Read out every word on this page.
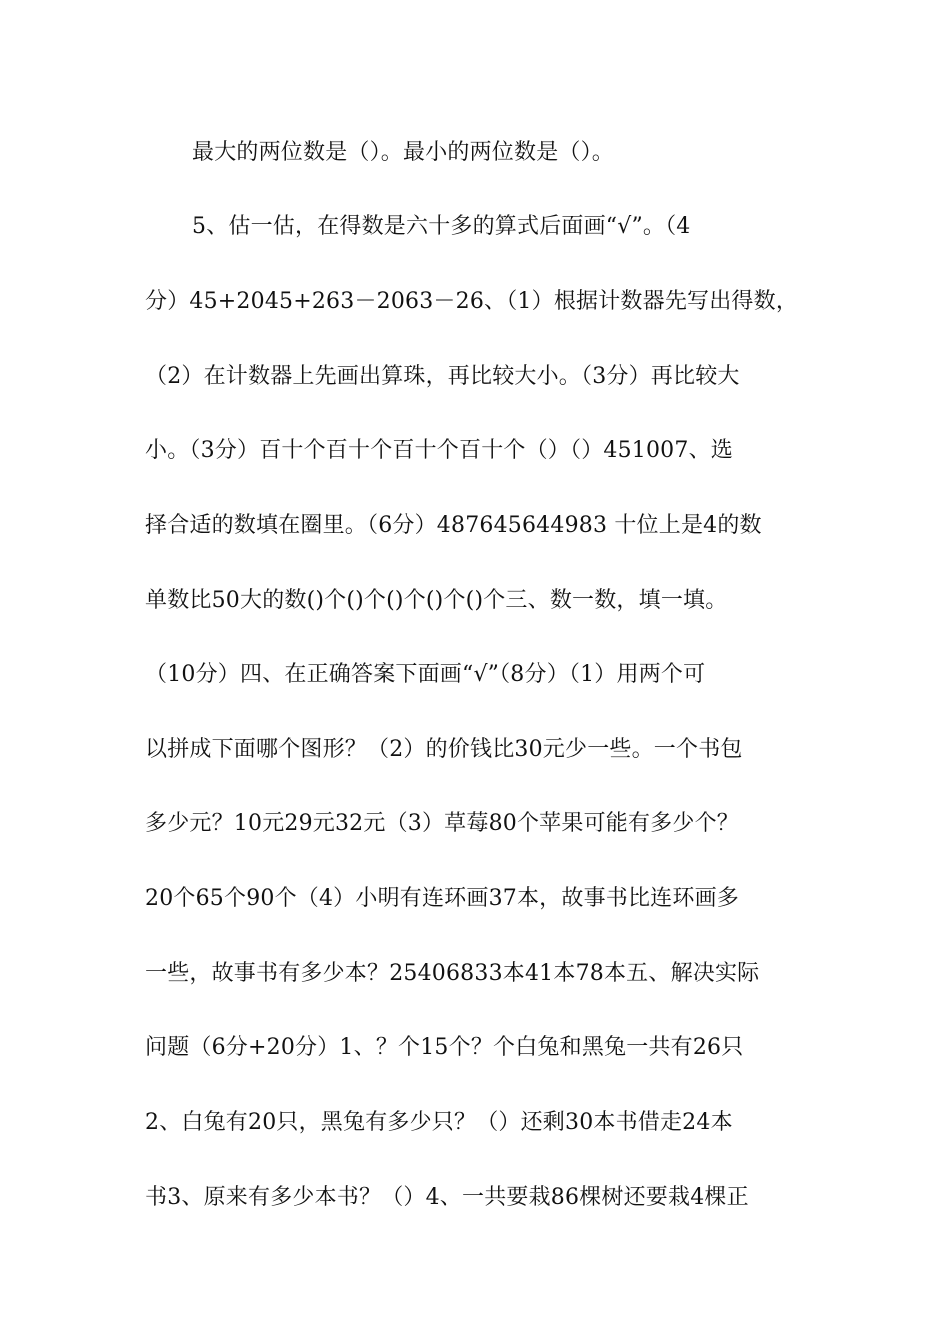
最大的两位数是（）。最小的两位数是（）。
5、估一估，在得数是六十多的算式后面画“√”。（4
分）45+2045+263－2063－26、（1）根据计数器先写出得数，
（2）在计数器上先画出算珠，再比较大小。（3分）再比较大
小。（3分）百十个百十个百十个百十个（）（）451007、选
择合适的数填在圈里。（6分）487645644983 十位上是4的数
单数比50大的数()个()个()个()个()个三、数一数，填一填。
（10分）四、在正确答案下面画“√”（8分）（1）用两个可
以拼成下面哪个图形？（2）的价钱比30元少一些。一个书包
多少元？10元29元32元（3）草莓80个苹果可能有多少个？
20个65个90个（4）小明有连环画37本，故事书比连环画多
一些，故事书有多少本？25406833本41本78本五、解决实际
问题（6分+20分）1、？个15个？个白兔和黑兔一共有26只
2、白兔有20只，黑兔有多少只？（）还剩30本书借走24本
书3、原来有多少本书？（）4、一共要栽86棵树还要栽4棵正
